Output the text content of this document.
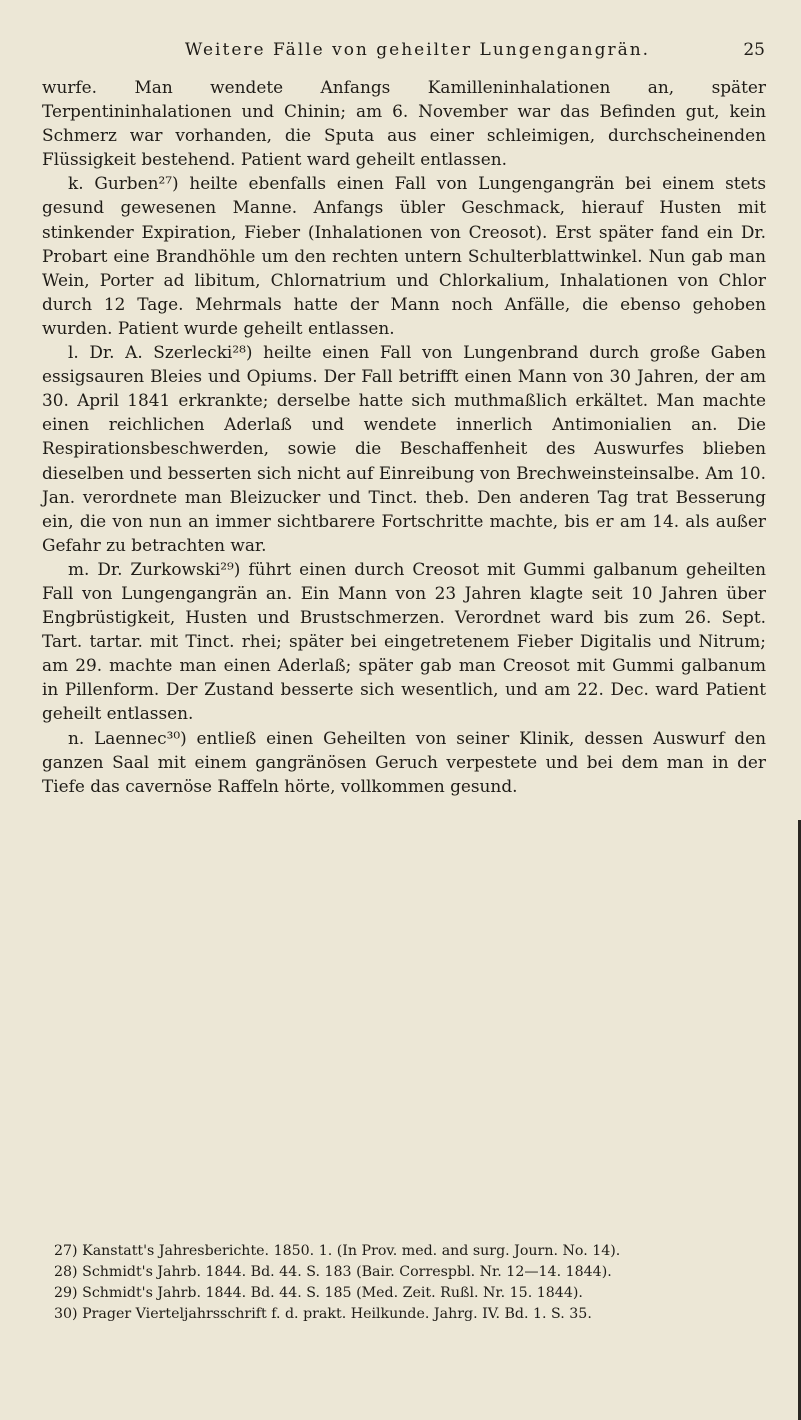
Weitere Fälle von geheilter Lungengangrän.	25

wurfe. Man wendete Anfangs Kamilleninhalationen an, später Terpentininhalationen und Chinin; am 6. November war das Befinden gut, kein Schmerz war vorhanden, die Sputa aus einer schleimigen, durchscheinenden Flüssigkeit bestehend. Patient ward geheilt entlassen.

k. Gurben²⁷) heilte ebenfalls einen Fall von Lungengangrän bei einem stets gesund gewesenen Manne. Anfangs übler Geschmack, hierauf Husten mit stinkender Expiration, Fieber (Inhalationen von Creosot). Erst später fand ein Dr. Probart eine Brandhöhle um den rechten untern Schulterblattwinkel. Nun gab man Wein, Porter ad libitum, Chlornatrium und Chlorkalium, Inhalationen von Chlor durch 12 Tage. Mehrmals hatte der Mann noch Anfälle, die ebenso gehoben wurden. Patient wurde geheilt entlassen.

l. Dr. A. Szerlecki²⁸) heilte einen Fall von Lungenbrand durch große Gaben essigsauren Bleies und Opiums. Der Fall betrifft einen Mann von 30 Jahren, der am 30. April 1841 erkrankte; derselbe hatte sich muthmaßlich erkältet. Man machte einen reichlichen Aderlaß und wendete innerlich Antimonialien an. Die Respirationsbeschwerden, sowie die Beschaffenheit des Auswurfes blieben dieselben und besserten sich nicht auf Einreibung von Brechweinsteinsalbe. Am 10. Jan. verordnete man Bleizucker und Tinct. theb. Den anderen Tag trat Besserung ein, die von nun an immer sichtbarere Fortschritte machte, bis er am 14. als außer Gefahr zu betrachten war.

m. Dr. Zurkowski²⁹) führt einen durch Creosot mit Gummi galbanum geheilten Fall von Lungengangrän an. Ein Mann von 23 Jahren klagte seit 10 Jahren über Engbrüstigkeit, Husten und Brustschmerzen. Verordnet ward bis zum 26. Sept. Tart. tartar. mit Tinct. rhei; später bei eingetretenem Fieber Digitalis und Nitrum; am 29. machte man einen Aderlaß; später gab man Creosot mit Gummi galbanum in Pillenform. Der Zustand besserte sich wesentlich, und am 22. Dec. ward Patient geheilt entlassen.

n. Laennec³⁰) entließ einen Geheilten von seiner Klinik, dessen Auswurf den ganzen Saal mit einem gangränösen Geruch verpestete und bei dem man in der Tiefe das cavernöse Raffeln hörte, vollkommen gesund.

27) Kanstatt's Jahresberichte. 1850. 1. (In Prov. med. and surg. Journ. No. 14).
28) Schmidt's Jahrb. 1844. Bd. 44. S. 183 (Bair. Correspbl. Nr. 12—14. 1844).
29) Schmidt's Jahrb. 1844. Bd. 44. S. 185 (Med. Zeit. Rußl. Nr. 15. 1844).
30) Prager Vierteljahrsschrift f. d. prakt. Heilkunde. Jahrg. IV. Bd. 1. S. 35.
